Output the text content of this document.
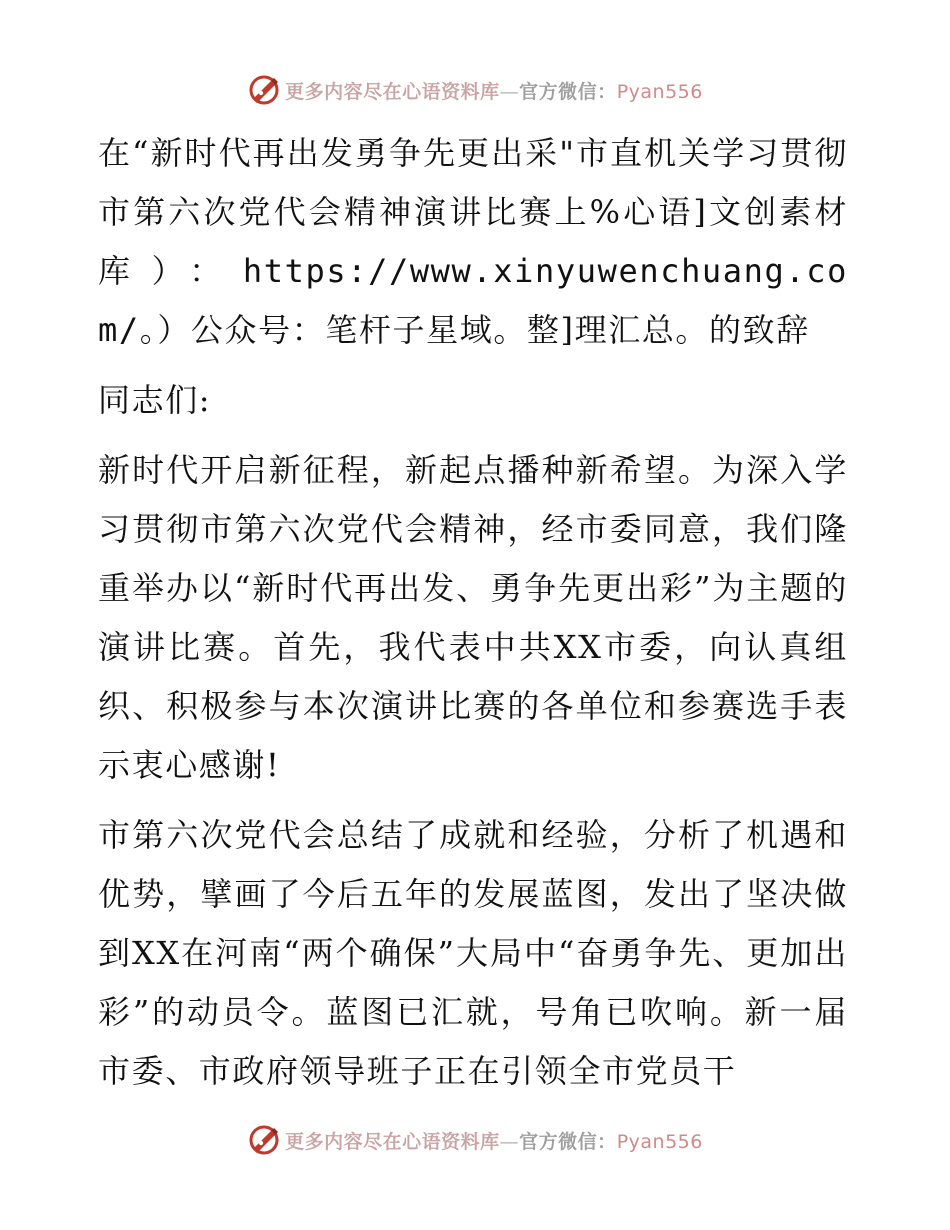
更多内容尽在心语资料库—官方微信：Pyan556

在“新时代再出发勇争先更出采"市直机关学习贯彻市第六次党代会精神演讲比赛上%心语]文创素材库）：https://www.xinyuwenchuang.com/。）公众号：笔杆子星域。整]理汇总。的致辞

同志们:

新时代开启新征程，新起点播种新希望。为深入学习贯彻市第六次党代会精神，经市委同意，我们隆重举办以“新时代再出发、勇争先更出彩”为主题的演讲比赛。首先，我代表中共XX市委，向认真组织、积极参与本次演讲比赛的各单位和参赛选手表示衷心感谢!

市第六次党代会总结了成就和经验，分析了机遇和优势，擘画了今后五年的发展蓝图，发出了坚决做到XX在河南“两个确保”大局中“奋勇争先、更加出彩”的动员令。蓝图已汇就，号角已吹响。新一届市委、市政府领导班子正在引领全市党员干

更多内容尽在心语资料库—官方微信：Pyan556
